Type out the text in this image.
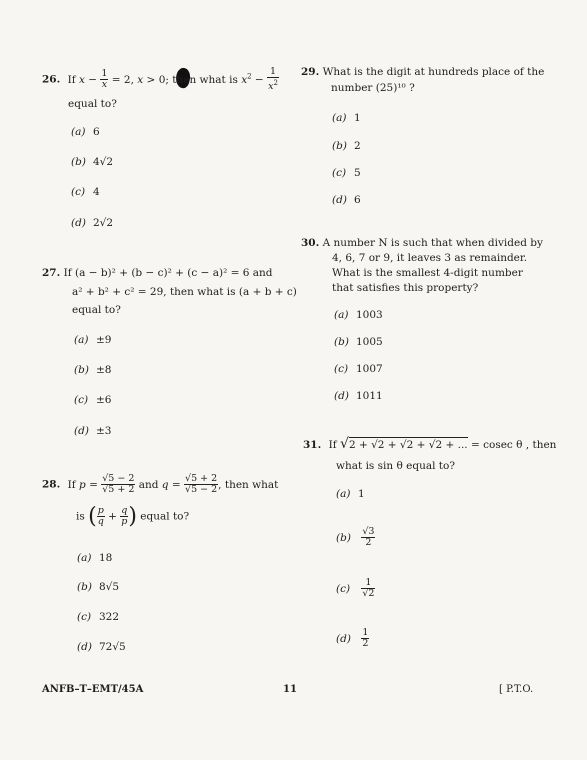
26. If $x - \frac{1}{x} = 2$, x > 0; then what is $x^2 - \frac{1}{x^2}$
equal to?
(a) 6
(b) 4√2
(c) 4
(d) 2√2
27. If (a − b)² + (b − c)² + (c − a)² = 6 and
a² + b² + c² = 29, then what is (a + b + c)
equal to?
(a) ±9
(b) ±8
(c) ±6
(d) ±3
28. If $p = \frac{√5 - 2}{√5 + 2}$ and $q = \frac{√5 + 2}{√5 - 2}$ , then what
is ( $\frac{p}{q} + \frac{q}{p}$ ) equal to?
(a) 18
(b) 8√5
(c) 322
(d) 72√5
29. What is the digit at hundreds place of the
number (25)¹⁰ ?
(a) 1
(b) 2
(c) 5
(d) 6
30. A number N is such that when divided by
4, 6, 7 or 9, it leaves 3 as remainder.
What is the smallest 4-digit number
that satisfies this property?
(a) 1003
(b) 1005
(c) 1007
(d) 1011
31. If √2 + √2 + √2 + √2 + ... = cosec θ , then
what is sin θ equal to?
(a) 1
$(b) \frac{√3}{2}$
$(c) \frac{1}{√2}$
$(d) \frac{1}{2}$
ANFB–T–EMT/45A	11	[ P.T.O.
